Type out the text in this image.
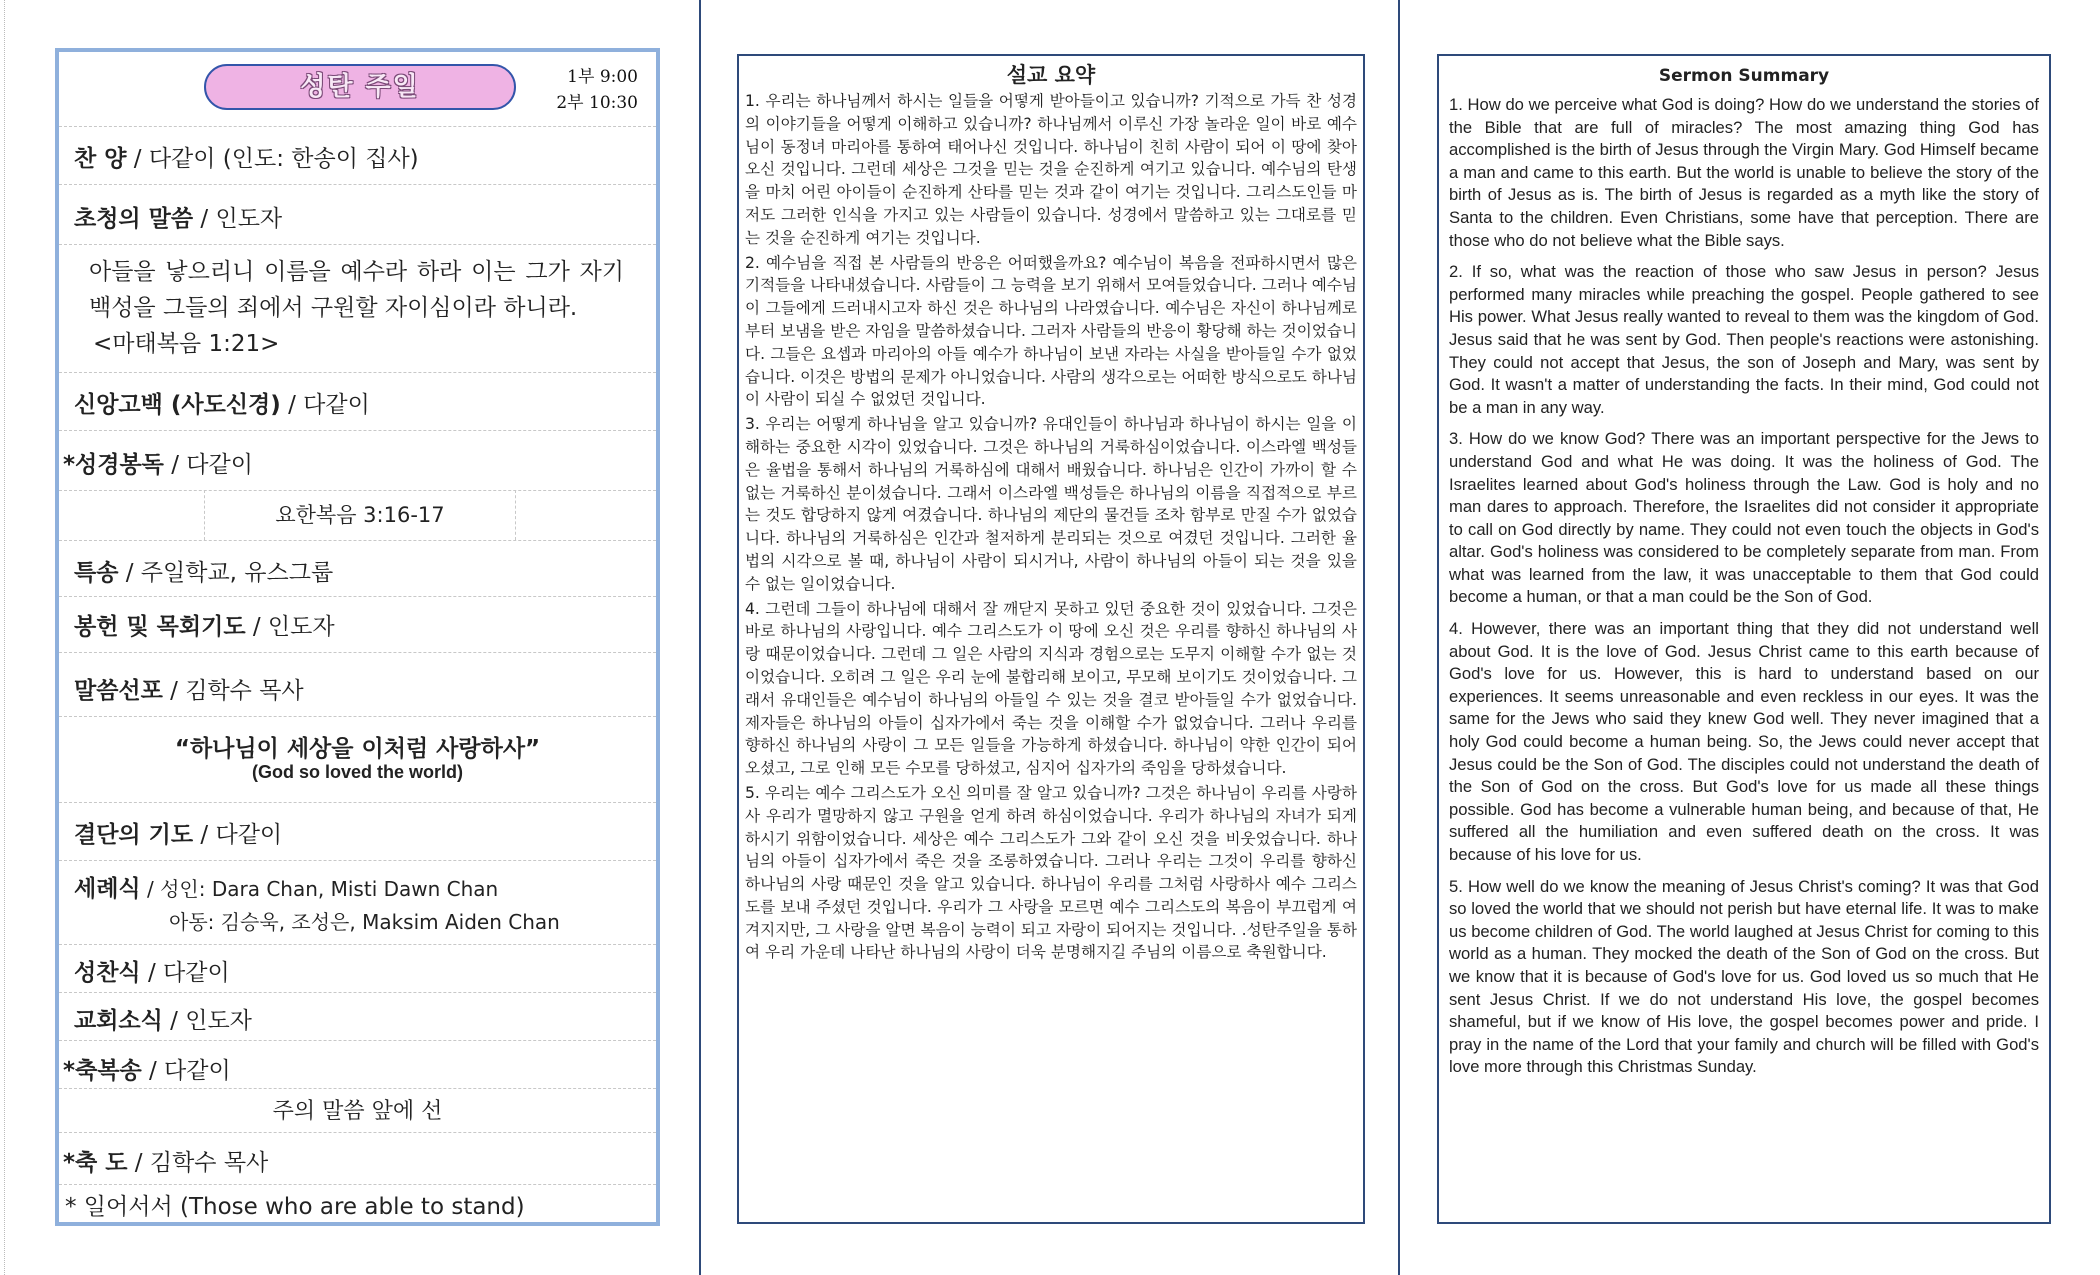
성탄 주일	1부 9:00
2부 10:30
찬 양 / 다같이 (인도: 한송이 집사)
초청의 말씀 / 인도자
아들을 낳으리니 이름을 예수라 하라 이는 그가 자기 백성을 그들의 죄에서 구원할 자이심이라 하니라.
<마태복음 1:21>
신앙고백 (사도신경) / 다같이
*성경봉독 / 다같이
요한복음 3:16-17
특송 / 주일학교, 유스그룹
봉헌 및 목회기도 / 인도자
말씀선포 / 김학수 목사
“하나님이 세상을 이처럼 사랑하사”
(God so loved the world)
결단의 기도 / 다같이
세례식 / 성인: Dara Chan, Misti Dawn Chan
아동: 김승욱, 조성은, Maksim Aiden Chan
성찬식 / 다같이
교회소식 / 인도자
*축복송 / 다같이
주의 말씀 앞에 선
*축 도 / 김학수 목사
* 일어서서 (Those who are able to stand)
설교 요약

1. 우리는 하나님께서 하시는 일들을 어떻게 받아들이고 있습니까? 기적으로 가득 찬 성경의 이야기들을 어떻게 이해하고 있습니까? 하나님께서 이루신 가장 놀라운 일이 바로 예수님이 동정녀 마리아를 통하여 태어나신 것입니다. 하나님이 친히 사람이 되어 이 땅에 찾아 오신 것입니다. 그런데 세상은 그것을 믿는 것을 순진하게 여기고 있습니다. 예수님의 탄생을 마치 어린 아이들이 순진하게 산타를 믿는 것과 같이 여기는 것입니다. 그리스도인들 마저도 그러한 인식을 가지고 있는 사람들이 있습니다. 성경에서 말씀하고 있는 그대로를 믿는 것을 순진하게 여기는 것입니다.

2. 예수님을 직접 본 사람들의 반응은 어떠했을까요? 예수님이 복음을 전파하시면서 많은 기적들을 나타내셨습니다. 사람들이 그 능력을 보기 위해서 모여들었습니다. 그러나 예수님이 그들에게 드러내시고자 하신 것은 하나님의 나라였습니다. 예수님은 자신이 하나님께로부터 보냄을 받은 자임을 말씀하셨습니다. 그러자 사람들의 반응이 황당해 하는 것이었습니다. 그들은 요셉과 마리아의 아들 예수가 하나님이 보낸 자라는 사실을 받아들일 수가 없었습니다. 이것은 방법의 문제가 아니었습니다. 사람의 생각으로는 어떠한 방식으로도 하나님이 사람이 되실 수 없었던 것입니다.

3. 우리는 어떻게 하나님을 알고 있습니까? 유대인들이 하나님과 하나님이 하시는 일을 이해하는 중요한 시각이 있었습니다. 그것은 하나님의 거룩하심이었습니다. 이스라엘 백성들은 율법을 통해서 하나님의 거룩하심에 대해서 배웠습니다. 하나님은 인간이 가까이 할 수 없는 거룩하신 분이셨습니다. 그래서 이스라엘 백성들은 하나님의 이름을 직접적으로 부르는 것도 합당하지 않게 여겼습니다. 하나님의 제단의 물건들 조차 함부로 만질 수가 없었습니다. 하나님의 거룩하심은 인간과 철저하게 분리되는 것으로 여겼던 것입니다. 그러한 율법의 시각으로 볼 때, 하나님이 사람이 되시거나, 사람이 하나님의 아들이 되는 것을 있을 수 없는 일이었습니다.

4. 그런데 그들이 하나님에 대해서 잘 깨닫지 못하고 있던 중요한 것이 있었습니다. 그것은 바로 하나님의 사랑입니다. 예수 그리스도가 이 땅에 오신 것은 우리를 향하신 하나님의 사랑 때문이었습니다. 그런데 그 일은 사람의 지식과 경험으로는 도무지 이해할 수가 없는 것이었습니다. 오히려 그 일은 우리 눈에 불합리해 보이고, 무모해 보이기도 것이었습니다. 그래서 유대인들은 예수님이 하나님의 아들일 수 있는 것을 결코 받아들일 수가 없었습니다. 제자들은 하나님의 아들이 십자가에서 죽는 것을 이해할 수가 없었습니다. 그러나 우리를 향하신 하나님의 사랑이 그 모든 일들을 가능하게 하셨습니다. 하나님이 약한 인간이 되어 오셨고, 그로 인해 모든 수모를 당하셨고, 심지어 십자가의 죽임을 당하셨습니다.

5. 우리는 예수 그리스도가 오신 의미를 잘 알고 있습니까? 그것은 하나님이 우리를 사랑하사 우리가 멸망하지 않고 구원을 얻게 하려 하심이었습니다. 우리가 하나님의 자녀가 되게 하시기 위함이었습니다. 세상은 예수 그리스도가 그와 같이 오신 것을 비웃었습니다. 하나님의 아들이 십자가에서 죽은 것을 조롱하였습니다. 그러나 우리는 그것이 우리를 향하신 하나님의 사랑 때문인 것을 알고 있습니다. 하나님이 우리를 그처럼 사랑하사 예수 그리스도를 보내 주셨던 것입니다. 우리가 그 사랑을 모르면 예수 그리스도의 복음이 부끄럽게 여겨지지만, 그 사랑을 알면 복음이 능력이 되고 자랑이 되어지는 것입니다. .성탄주일을 통하여 우리 가운데 나타난 하나님의 사랑이 더욱 분명해지길 주님의 이름으로 축원합니다.

Sermon Summary

1. How do we perceive what God is doing? How do we understand the stories of the Bible that are full of miracles? The most amazing thing God has accomplished is the birth of Jesus through the Virgin Mary. God Himself became a man and came to this earth. But the world is unable to believe the story of the birth of Jesus as is. The birth of Jesus is regarded as a myth like the story of Santa to the children. Even Christians, some have that perception. There are those who do not believe what the Bible says.

2. If so, what was the reaction of those who saw Jesus in person? Jesus performed many miracles while preaching the gospel. People gathered to see His power. What Jesus really wanted to reveal to them was the kingdom of God. Jesus said that he was sent by God. Then people's reactions were astonishing. They could not accept that Jesus, the son of Joseph and Mary, was sent by God. It wasn't a matter of understanding the facts. In their mind, God could not be a man in any way.

3. How do we know God? There was an important perspective for the Jews to understand God and what He was doing. It was the holiness of God. The Israelites learned about God's holiness through the Law. God is holy and no man dares to approach. Therefore, the Israelites did not consider it appropriate to call on God directly by name. They could not even touch the objects in God's altar. God's holiness was considered to be completely separate from man. From what was learned from the law, it was unacceptable to them that God could become a human, or that a man could be the Son of God.

4. However, there was an important thing that they did not understand well about God. It is the love of God. Jesus Christ came to this earth because of God's love for us. However, this is hard to understand based on our experiences. It seems unreasonable and even reckless in our eyes. It was the same for the Jews who said they knew God well. They never imagined that a holy God could become a human being. So, the Jews could never accept that Jesus could be the Son of God. The disciples could not understand the death of the Son of God on the cross. But God's love for us made all these things possible. God has become a vulnerable human being, and because of that, He suffered all the humiliation and even suffered death on the cross. It was because of his love for us.

5. How well do we know the meaning of Jesus Christ's coming? It was that God so loved the world that we should not perish but have eternal life. It was to make us become children of God. The world laughed at Jesus Christ for coming to this world as a human. They mocked the death of the Son of God on the cross. But we know that it is because of God's love for us. God loved us so much that He sent Jesus Christ. If we do not understand His love, the gospel becomes shameful, but if we know of His love, the gospel becomes power and pride. I pray in the name of the Lord that your family and church will be filled with God's love more through this Christmas Sunday.
